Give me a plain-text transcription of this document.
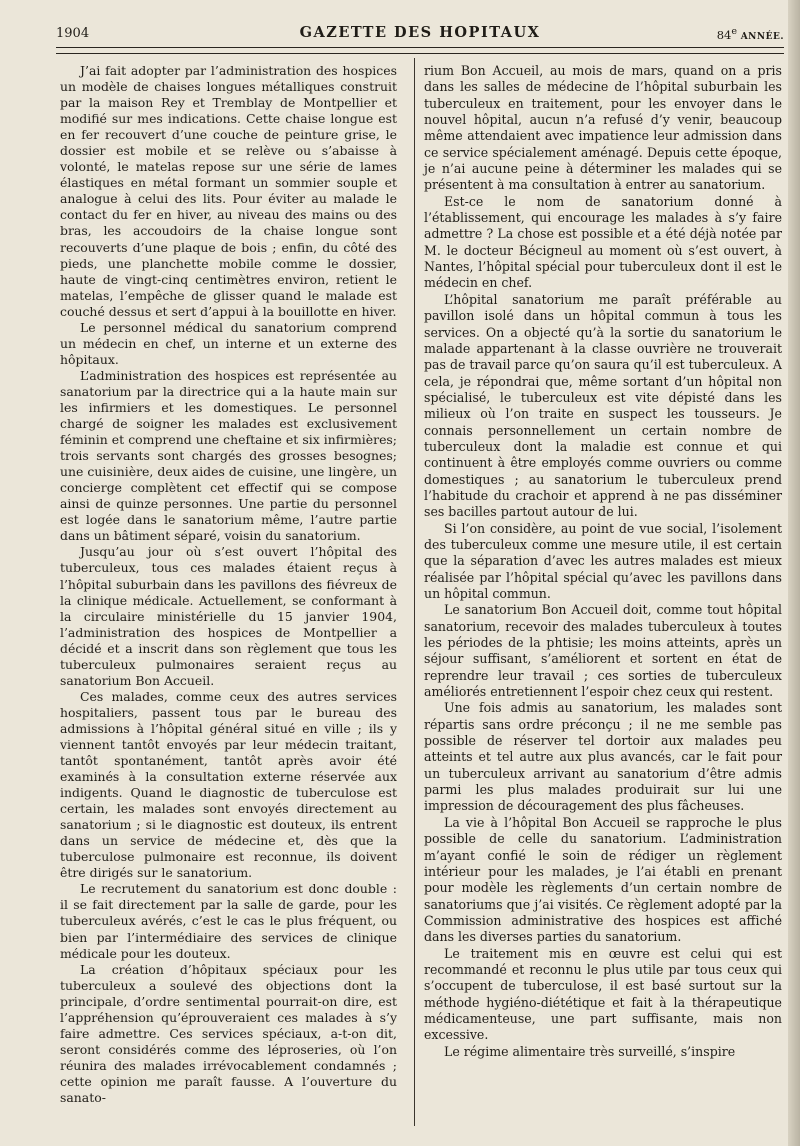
1904	GAZETTE DES HOPITAUX	84e ANNÉE.

J’ai fait adopter par l’administration des hospices un modèle de chaises longues métalliques construit par la maison Rey et Tremblay de Montpellier et modifié sur mes indications. Cette chaise longue est en fer recouvert d’une couche de peinture grise, le dossier est mobile et se relève ou s’abaisse à volonté, le matelas repose sur une série de lames élastiques en métal formant un sommier souple et analogue à celui des lits. Pour éviter au malade le contact du fer en hiver, au niveau des mains ou des bras, les accoudoirs de la chaise longue sont recouverts d’une plaque de bois ; enfin, du côté des pieds, une planchette mobile comme le dossier, haute de vingt-cinq centimètres environ, retient le matelas, l’empêche de glisser quand le malade est couché dessus et sert d’appui à la bouillotte en hiver.

Le personnel médical du sanatorium comprend un médecin en chef, un interne et un externe des hôpitaux.

L’administration des hospices est représentée au sanatorium par la directrice qui a la haute main sur les infirmiers et les domestiques. Le personnel chargé de soigner les malades est exclusivement féminin et comprend une cheftaine et six infirmières; trois servants sont chargés des grosses besognes; une cuisinière, deux aides de cuisine, une lingère, un concierge complètent cet effectif qui se compose ainsi de quinze personnes. Une partie du personnel est logée dans le sanatorium même, l’autre partie dans un bâtiment séparé, voisin du sanatorium.

Jusqu’au jour où s’est ouvert l’hôpital des tuberculeux, tous ces malades étaient reçus à l’hôpital suburbain dans les pavillons des fiévreux de la clinique médicale. Actuellement, se conformant à la circulaire ministérielle du 15 janvier 1904, l’administration des hospices de Montpellier a décidé et a inscrit dans son règlement que tous les tuberculeux pulmonaires seraient reçus au sanatorium Bon Accueil.

Ces malades, comme ceux des autres services hospitaliers, passent tous par le bureau des admissions à l’hôpital général situé en ville ; ils y viennent tantôt envoyés par leur médecin traitant, tantôt spontanément, tantôt après avoir été examinés à la consultation externe réservée aux indigents. Quand le diagnostic de tuberculose est certain, les malades sont envoyés directement au sanatorium ; si le diagnostic est douteux, ils entrent dans un service de médecine et, dès que la tuberculose pulmonaire est reconnue, ils doivent être dirigés sur le sanatorium.

Le recrutement du sanatorium est donc double : il se fait directement par la salle de garde, pour les tuberculeux avérés, c’est le cas le plus fréquent, ou bien par l’intermédiaire des services de clinique médicale pour les douteux.

La création d’hôpitaux spéciaux pour les tuberculeux a soulevé des objections dont la principale, d’ordre sentimental pourrait-on dire, est l’appréhension qu’éprouveraient ces malades à s’y faire admettre. Ces services spéciaux, a-t-on dit, seront considérés comme des léproseries, où l’on réunira des malades irrévocablement condamnés ; cette opinion me paraît fausse. A l’ouverture du sanato-

rium Bon Accueil, au mois de mars, quand on a pris dans les salles de médecine de l’hôpital suburbain les tuberculeux en traitement, pour les envoyer dans le nouvel hôpital, aucun n’a refusé d’y venir, beaucoup même attendaient avec impatience leur admission dans ce service spécialement aménagé. Depuis cette époque, je n’ai aucune peine à déterminer les malades qui se présentent à ma consultation à entrer au sanatorium.

Est-ce le nom de sanatorium donné à l’établissement, qui encourage les malades à s’y faire admettre ? La chose est possible et a été déjà notée par M. le docteur Bécigneul au moment où s’est ouvert, à Nantes, l’hôpital spécial pour tuberculeux dont il est le médecin en chef.

L’hôpital sanatorium me paraît préférable au pavillon isolé dans un hôpital commun à tous les services. On a objecté qu’à la sortie du sanatorium le malade appartenant à la classe ouvrière ne trouverait pas de travail parce qu’on saura qu’il est tuberculeux. A cela, je répondrai que, même sortant d’un hôpital non spécialisé, le tuberculeux est vite dépisté dans les milieux où l’on traite en suspect les tousseurs. Je connais personnellement un certain nombre de tuberculeux dont la maladie est connue et qui continuent à être employés comme ouvriers ou comme domestiques ; au sanatorium le tuberculeux prend l’habitude du crachoir et apprend à ne pas disséminer ses bacilles partout autour de lui.

Si l’on considère, au point de vue social, l’isolement des tuberculeux comme une mesure utile, il est certain que la séparation d’avec les autres malades est mieux réalisée par l’hôpital spécial qu’avec les pavillons dans un hôpital commun.

Le sanatorium Bon Accueil doit, comme tout hôpital sanatorium, recevoir des malades tuberculeux à toutes les périodes de la phtisie; les moins atteints, après un séjour suffisant, s’améliorent et sortent en état de reprendre leur travail ; ces sorties de tuberculeux améliorés entretiennent l’espoir chez ceux qui restent.

Une fois admis au sanatorium, les malades sont répartis sans ordre préconçu ; il ne me semble pas possible de réserver tel dortoir aux malades peu atteints et tel autre aux plus avancés, car le fait pour un tuberculeux arrivant au sanatorium d’être admis parmi les plus malades produirait sur lui une impression de découragement des plus fâcheuses.

La vie à l’hôpital Bon Accueil se rapproche le plus possible de celle du sanatorium. L’administration m’ayant confié le soin de rédiger un règlement intérieur pour les malades, je l’ai établi en prenant pour modèle les règlements d’un certain nombre de sanatoriums que j’ai visités. Ce règlement adopté par la Commission administrative des hospices est affiché dans les diverses parties du sanatorium.

Le traitement mis en œuvre est celui qui est recommandé et reconnu le plus utile par tous ceux qui s’occupent de tuberculose, il est basé surtout sur la méthode hygiéno-diététique et fait à la thérapeutique médicamenteuse, une part suffisante, mais non excessive.

Le régime alimentaire très surveillé, s’inspire
